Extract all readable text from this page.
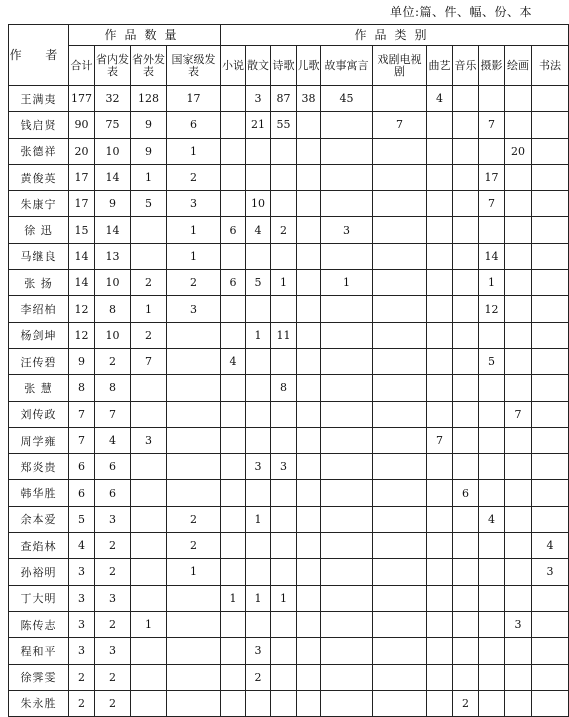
单位:篇、件、幅、份、本
作 者	作品数量				作品类别										
	合计	省内发表	省外发表	国家级发表	小说	散文	诗歌	儿歌	故事寓言	戏剧电视剧	曲艺	音乐	摄影	绘画	书法
王满夷	177	32	128	17		3	87	38	45		4				
钱启贤	90	75	9	6		21	55			7			7		
张德祥	20	10	9	1										20	
黄俊英	17	14	1	2									17		
朱康宁	17	9	5	3		10							7		
徐 迅	15	14		1	6	4	2		3						
马继良	14	13		1									14		
张 扬	14	10	2	2	6	5	1		1				1		
李绍柏	12	8	1	3									12		
杨剑坤	12	10	2			1	11								
汪传碧	9	2	7		4								5		
张 慧	8	8					8								
刘传政	7	7												7	
周学雍	7	4	3								7				
郑炎贵	6	6				3	3								
韩华胜	6	6										6			
余本爱	5	3		2		1							4		
查焰林	4	2		2											4
孙裕明	3	2		1											3
丁大明	3	3			1	1	1								
陈传志	3	2	1											3	
程和平	3	3				3									
徐霁雯	2	2				2									
朱永胜	2	2										2			
